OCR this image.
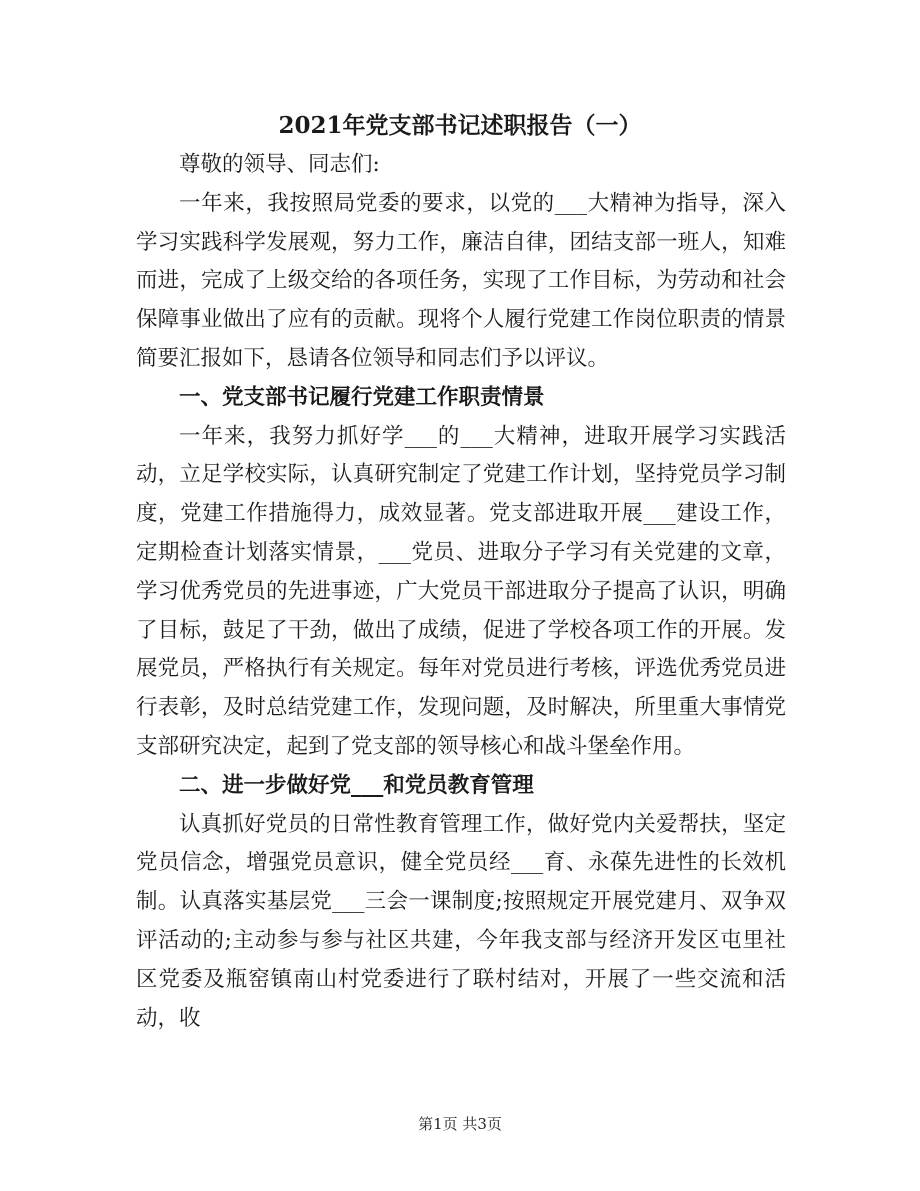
2021年党支部书记述职报告（一）

尊敬的领导、同志们:

一年来，我按照局党委的要求，以党的___大精神为指导，深入学习实践科学发展观，努力工作，廉洁自律，团结支部一班人，知难而进，完成了上级交给的各项任务，实现了工作目标，为劳动和社会保障事业做出了应有的贡献。现将个人履行党建工作岗位职责的情景简要汇报如下，恳请各位领导和同志们予以评议。

一、党支部书记履行党建工作职责情景

一年来，我努力抓好学___的___大精神，进取开展学习实践活动，立足学校实际，认真研究制定了党建工作计划，坚持党员学习制度，党建工作措施得力，成效显著。党支部进取开展___建设工作，定期检查计划落实情景，___党员、进取分子学习有关党建的文章，学习优秀党员的先进事迹，广大党员干部进取分子提高了认识，明确了目标，鼓足了干劲，做出了成绩，促进了学校各项工作的开展。发展党员，严格执行有关规定。每年对党员进行考核，评选优秀党员进行表彰，及时总结党建工作，发现问题，及时解决，所里重大事情党支部研究决定，起到了党支部的领导核心和战斗堡垒作用。

二、进一步做好党___和党员教育管理

认真抓好党员的日常性教育管理工作，做好党内关爱帮扶，坚定党员信念，增强党员意识，健全党员经___育、永葆先进性的长效机制。认真落实基层党___三会一课制度;按照规定开展党建月、双争双评活动的;主动参与参与社区共建，今年我支部与经济开发区屯里社区党委及瓶窑镇南山村党委进行了联村结对，开展了一些交流和活动，收

第1页 共3页
